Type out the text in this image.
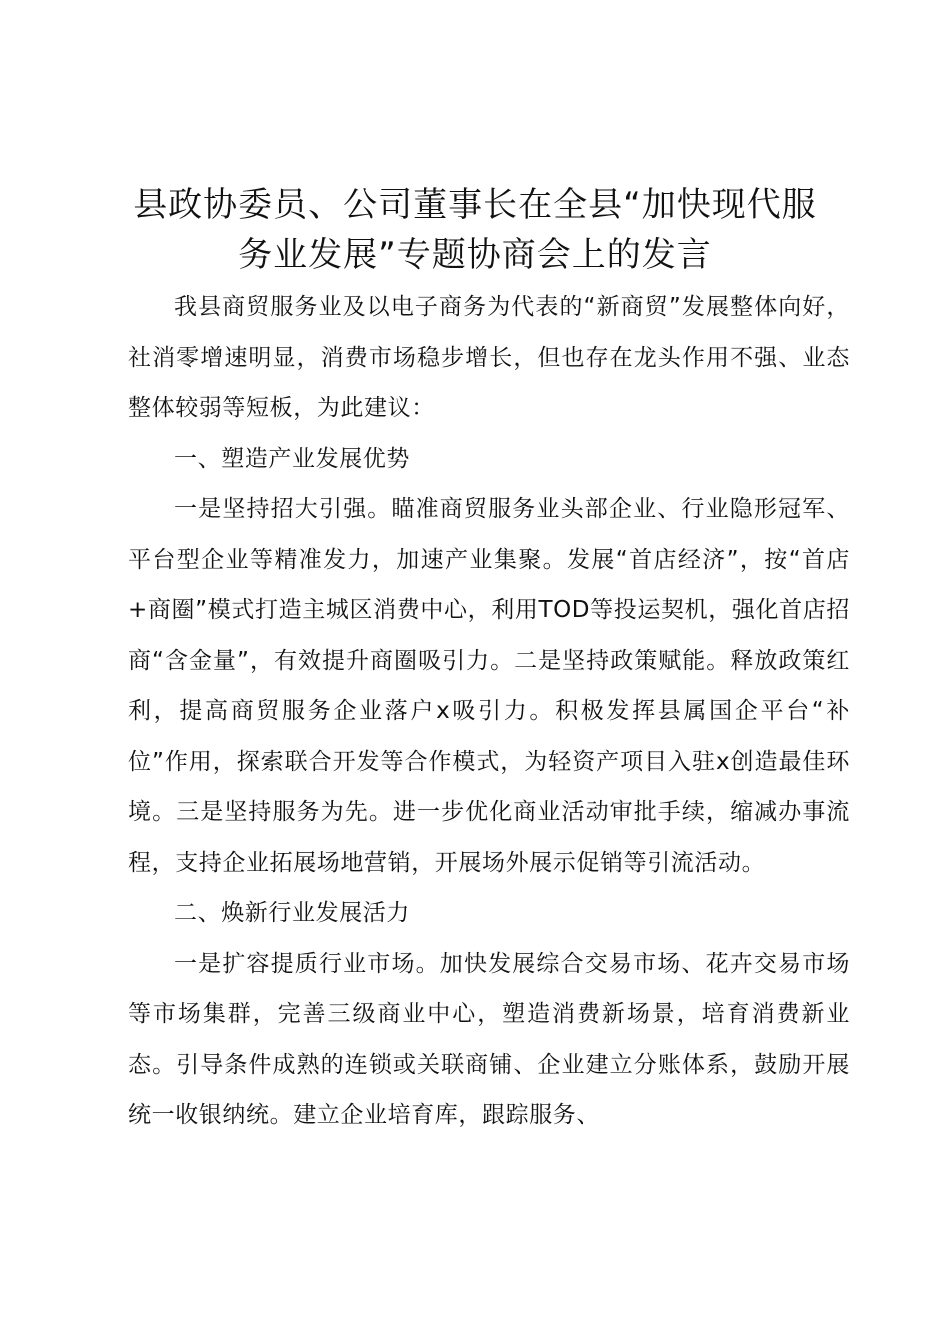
县政协委员、公司董事长在全县“加快现代服
务业发展”专题协商会上的发言

我县商贸服务业及以电子商务为代表的“新商贸”发展整体向好，社消零增速明显，消费市场稳步增长，但也存在龙头作用不强、业态整体较弱等短板，为此建议：

一、塑造产业发展优势

一是坚持招大引强。瞄准商贸服务业头部企业、行业隐形冠军、平台型企业等精准发力，加速产业集聚。发展“首店经济”，按“首店+商圈”模式打造主城区消费中心，利用TOD等投运契机，强化首店招商“含金量”，有效提升商圈吸引力。二是坚持政策赋能。释放政策红利，提高商贸服务企业落户x吸引力。积极发挥县属国企平台“补位”作用，探索联合开发等合作模式，为轻资产项目入驻x创造最佳环境。三是坚持服务为先。进一步优化商业活动审批手续，缩减办事流程，支持企业拓展场地营销，开展场外展示促销等引流活动。

二、焕新行业发展活力

一是扩容提质行业市场。加快发展综合交易市场、花卉交易市场等市场集群，完善三级商业中心，塑造消费新场景，培育消费新业态。引导条件成熟的连锁或关联商铺、企业建立分账体系，鼓励开展统一收银纳统。建立企业培育库，跟踪服务、
